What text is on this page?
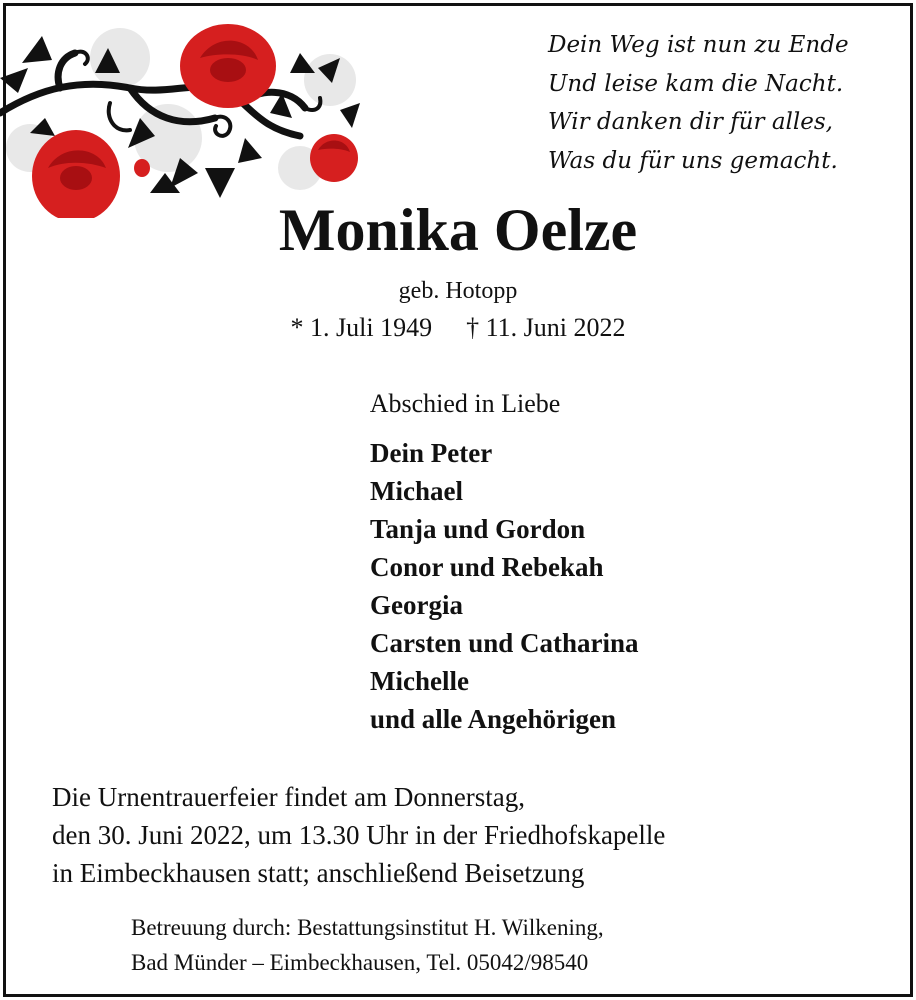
Dein Weg ist nun zu Ende
Und leise kam die Nacht.
Wir danken dir für alles,
Was du für uns gemacht.
Monika Oelze
geb. Hotopp
* 1. Juli 1949 † 11. Juni 2022
Abschied in Liebe
Dein Peter
Michael
Tanja und Gordon
Conor und Rebekah
Georgia
Carsten und Catharina
Michelle
und alle Angehörigen
Die Urnentrauerfeier findet am Donnerstag,
den 30. Juni 2022, um 13.30 Uhr in der Friedhofskapelle
in Eimbeckhausen statt; anschließend Beisetzung
Betreuung durch: Bestattungsinstitut H. Wilkening,
Bad Münder – Eimbeckhausen, Tel. 05042/98540
